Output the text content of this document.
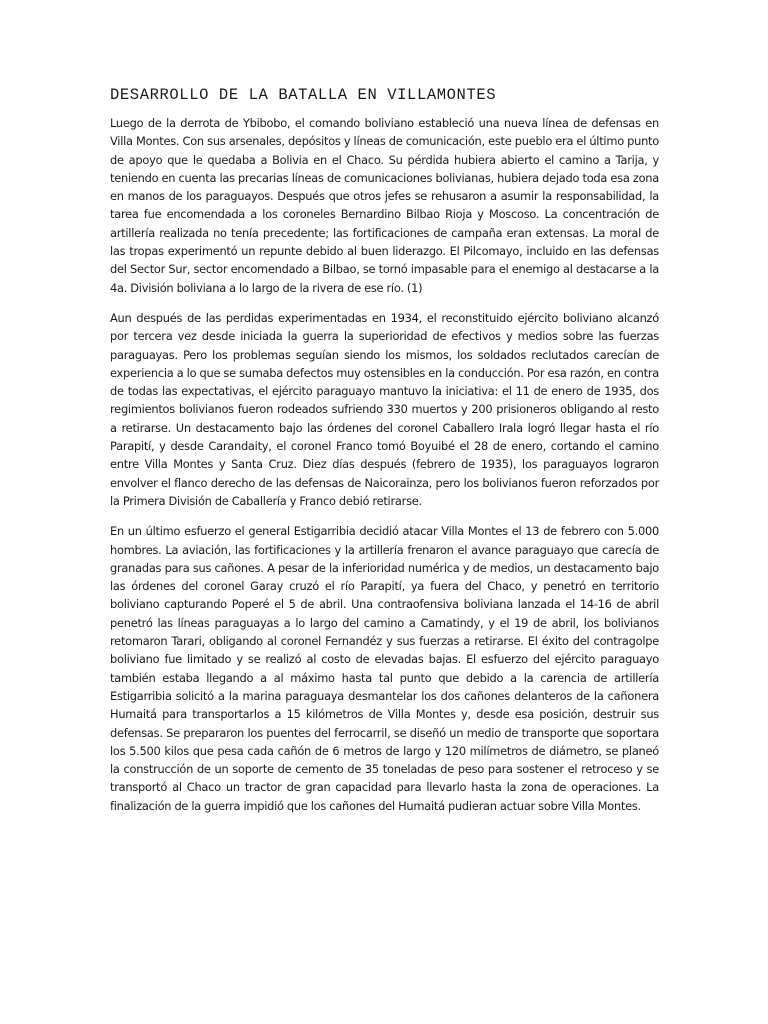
DESARROLLO DE LA BATALLA EN VILLAMONTES

Luego de la derrota de Ybibobo, el comando boliviano estableció una nueva línea de defensas en Villa Montes. Con sus arsenales, depósitos y líneas de comunicación, este pueblo era el último punto de apoyo que le quedaba a Bolivia en el Chaco. Su pérdida hubiera abierto el camino a Tarija, y teniendo en cuenta las precarias líneas de comunicaciones bolivianas, hubiera dejado toda esa zona en manos de los paraguayos. Después que otros jefes se rehusaron a asumir la responsabilidad, la tarea fue encomendada a los coroneles Bernardino Bilbao Rioja y Moscoso. La concentración de artillería realizada no tenía precedente; las fortificaciones de campaña eran extensas. La moral de las tropas experimentó un repunte debido al buen liderazgo. El Pilcomayo, incluido en las defensas del Sector Sur, sector encomendado a Bilbao, se tornó impasable para el enemigo al destacarse a la 4a. División boliviana a lo largo de la rivera de ese río. (1)

Aun después de las perdidas experimentadas en 1934, el reconstituido ejército boliviano alcanzó por tercera vez desde iniciada la guerra la superioridad de efectivos y medios sobre las fuerzas paraguayas. Pero los problemas seguían siendo los mismos, los soldados reclutados carecían de experiencia a lo que se sumaba defectos muy ostensibles en la conducción. Por esa razón, en contra de todas las expectativas, el ejército paraguayo mantuvo la iniciativa: el 11 de enero de 1935, dos regimientos bolivianos fueron rodeados sufriendo 330 muertos y 200 prisioneros obligando al resto a retirarse. Un destacamento bajo las órdenes del coronel Caballero Irala logró llegar hasta el río Parapití, y desde Carandaity, el coronel Franco tomó Boyuibé el 28 de enero, cortando el camino entre Villa Montes y Santa Cruz. Diez días después (febrero de 1935), los paraguayos lograron envolver el flanco derecho de las defensas de Naicorainza, pero los bolivianos fueron reforzados por la Primera División de Caballería y Franco debió retirarse.

En un último esfuerzo el general Estigarribia decidió atacar Villa Montes el 13 de febrero con 5.000 hombres. La aviación, las fortificaciones y la artillería frenaron el avance paraguayo que carecía de granadas para sus cañones. A pesar de la inferioridad numérica y de medios, un destacamento bajo las órdenes del coronel Garay cruzó el río Parapití, ya fuera del Chaco, y penetró en territorio boliviano capturando Poperé el 5 de abril. Una contraofensiva boliviana lanzada el 14-16 de abril penetró las líneas paraguayas a lo largo del camino a Camatindy, y el 19 de abril, los bolivianos retomaron Tarari, obligando al coronel Fernandéz y sus fuerzas a retirarse. El éxito del contragolpe boliviano fue limitado y se realizó al costo de elevadas bajas. El esfuerzo del ejército paraguayo también estaba llegando a al máximo hasta tal punto que debido a la carencia de artillería Estigarribia solicitó a la marina paraguaya desmantelar los dos cañones delanteros de la cañonera Humaitá para transportarlos a 15 kilómetros de Villa Montes y, desde esa posición, destruir sus defensas. Se prepararon los puentes del ferrocarril, se diseñó un medio de transporte que soportara los 5.500 kilos que pesa cada cañón de 6 metros de largo y 120 milímetros de diámetro, se planeó la construcción de un soporte de cemento de 35 toneladas de peso para sostener el retroceso y se transportó al Chaco un tractor de gran capacidad para llevarlo hasta la zona de operaciones. La finalización de la guerra impidió que los cañones del Humaitá pudieran actuar sobre Villa Montes.
